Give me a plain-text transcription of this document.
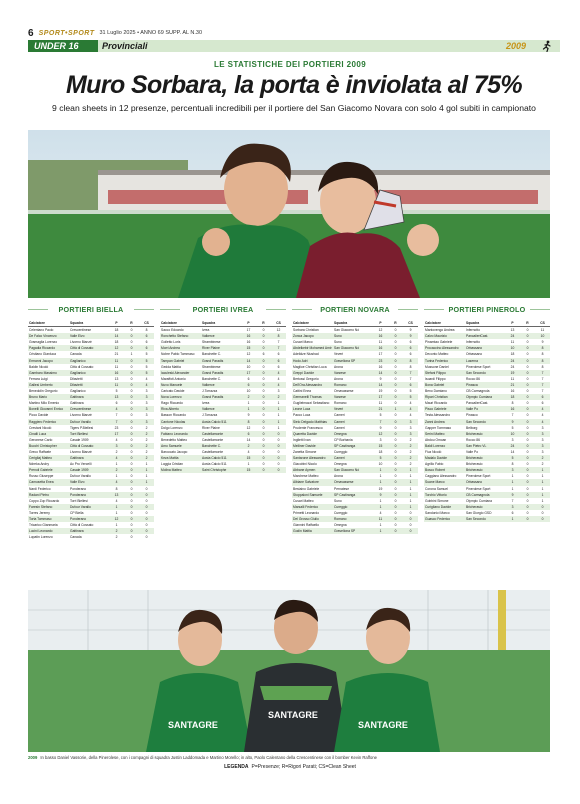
6 SPORT•SPORT 31 Luglio 2025 • ANNO 69 SUPP. AL N.30
UNDER 16	Provinciali	2009
LE STATISTICHE DEI PORTIERI 2009
Muro Sorbara, la porta è inviolata al 75%

9 clean sheets in 12 presenze, percentuali incredibili per il portiere del San Giacomo Novara con solo 4 gol subiti in campionato

PORTIERI BIELLA
Calciatore	Squadra	P	R	CS
Celentano Paolo	Crescentinese	18	0	8
De Falco Vincenzo	Valle Elvo	14	0	6
Gramaglia Lorenzo	Livorno Bianzè	18	0	6
Pagadia Riccardo	Città di Cossato	12	0	6
Cristiano Gianluca	Canada	21	1	5
Ermanni Jacopo	Gaglianico	11	0	5
Baldin Nicolò	Città di Cossato	11	0	5
Gambaro Massimo	Gaglianico	16	0	5
Ferrara Luigi	Dilavietti	13	0	4
Gallesi Umberto	Dilavietti	11	0	4
Benedolin Gregorio	Gaglianico	5	0	3
Bruno Mario	Gattinara	13	0	3
Martino Milo Emenio	Gattinara	6	0	3
Bonelli Giovanni Enrico	Crescentinese	4	0	3
Picco Davide	Livorno Bianzè	7	0	3
Raggiero Federico	Dufour Varallo	7	0	3
Crestani Nicolò	Tigers P.Biellesi	23	0	2
Cinalli Luca	Torri Biellesi	17	0	2
Geronese Carlo	Casale 1909	4	0	2
Bucchi Christopher	Città di Cossato	3	0	2
Greco Raffaele	Livorno Bianzè	2	0	2
Cerigliaj Matteo	Gattinara	4	0	2
Ndreka Andry	Ac Pro Vercelli	1	0	1
Prenoli Gabriele	Casale 1909	2	0	1
Russo Giuseppe	Dufour Varallo	1	0	1
Camusetta Enea	Valle Elvo	4	0	1
Nardi Federico	Ponderano	8	0	0
Radani Pietro	Ponderano	13	0	0
Coppo Zop Riccardo	Torri Biellesi	4	0	0
Faresin Stefano	Dufour Varallo	1	0	0
Torres Jeremy	CP Biella	1	0	0
Torta Tommaso	Ponderano	12	0	0
Tricarico Gianmaria	Città di Cossato	1	0	0
Lucini Leonardo	Gattinara	2	0	0
Lupatin Lorenzo	Canada	2	0	0
PORTIERI IVREA
Calciatore	Squadra	P	R	CS
Sacco Edoardo	Ivrea	17	0	12
Ronchetto Stefano	Valkerce	16	0	8
Goiletto Loris	Strambinese	16	0	7
Morri Andrea	River Plaine	15	0	7
Nobre Pablo Tommaso	Banchette C.	12	6	6
Tampan Gabriel	Grand Paradis	14	0	6
Gedda Mattia	Strambinese	10	0	6
Iaculeski Alexander	Grand Paradis	17	0	4
Maraffoti Antonio	Banchette C.	6	0	4
Nuvo Manuele	Valkerce	6	0	4
Caricato Davide	J.Torrazza	10	0	3
Nova Lorenzo	Grand Paradis	2	0	2
Rago Riccardo	Ivrea	1	0	1
Riva Alberto	Valkerce	1	0	1
Basson Riccardo	J.Torrazza	9	0	1
Cantone Nicolas	Aosta Calcio 511	8	0	1
Dolgo Lorenzo	River Plaine	12	0	1
Fabiano Leonardo	Castellamonte	6	0	0
Benedetto Matteo	Castellamonte	14	0	0
Amo Samuele	Banchette C.	2	0	0
Baroccato Jacopo	Castellamonte	4	0	0
Keza Mattia	Aosta Calcio 511	15	0	0
Loggia Cristian	Aosta Calcio 511	1	0	0
Molina Matteo	Saint Christophe	15	0	0
PORTIERI NOVARA
Calciatore	Squadra	P	R	CS
Sorbara Christian	San Giacomo Nó	12	0	9
Zonca Jacopo	Suno	16	0	9
Cusari Marco	Suno	11	0	6
Abdelkebir Mohamed Amir	San Giacomo Nó	16	0	6
Adelidze Niushad	Veveri	17	0	6
Hodo Adri	Gravellona SP	23	0	8
Maglioe Christian Luca	Arona	16	0	8
Greppi Davide	Varzese	14	0	7
Bertossi Gregorio	Arona	9	0	7
Dell'Ora Alessandro	Romano	14	0	6
Cattini Enea	Ornavassese	19	0	5
Germanelli Thomas	Varzese	17	0	5
Guglielmazzi Sebastiano	Romano	11	0	4
Leone Luca	Veveri	21	1	4
Pacco Luca	Cameri	5	0	4
Sielo Delgado Matthias	Cameri	7	0	3
Prudente Francesco	Cameri	9	0	3
Quaretta Davide	Omegna	12	0	3
Inglietti Ivan	CP Borbania	3	0	2
Meiliner Davide	SP Castiranga	15	0	2
Zanetta Simone	Cureggio	18	0	2
Santarone Alessandro	Cameri	5	0	2
Giacobini Nicolo	Omegna	10	0	2
Abbane Aymen	San Giacomo Nó	1	0	1
Marchese Matteo	Arona	1	0	1
Albiane Salvatore	Ornavassese	1	0	1
Bestaino Gabriele	Pernatese	19	0	1
Stoppaloni Samuele	SP Castiranga	9	0	1
Cusari Matteo	Suno	1	0	1
Marsalli Federico	Cureggio	1	0	1
Primetti Leonardo	Cureggio	4	0	0
Del Grosso Giulio	Romano	11	0	0
Giannini Raffaello	Omegna	1	0	0
Godin Mattia	Gravellona SP	1	0	0
PORTIERI PINEROLO
Calciatore	Squadra	P	R	CS
Mantovengo Andrea	Infernotto	13	0	11
Calvo Maurizio	PancalieriCast.	24	0	10
Pinamtao Gabriele	Infernotto	11	0	9
Procaccino Alessandro	Orbassano	10	0	8
Deconto Matteo	Orbassano	18	0	8
Turina Federico	Luserna	24	0	8
Mussone Daniel	Pinerolese Sport	24	0	8
Stefani Filippo	San Secondo	19	0	7
Isoardi Filippo	Rocco 86	11	0	7
Bona Gabriel	Pinasca	21	0	7
Beno Damiano	CB Carmagnola	16	0	7
Ripari Christian	Olympic Cumiana	18	0	6
Mauri Riccardo	PancalieriCast.	8	0	6
Pisco Gabriele	Valle Po	16	0	4
Testa Alessandro	Pinasco	7	0	4
Zanni Andrea	San Secondo	9	0	4
Gapper Tommaso	Belborg	5	0	3
Serini Matteo	Bricherasio	10	0	3
Abdou Omoan	Rocco 86	3	0	3
Baldi Lorenzo	San Pietro VL	24	0	3
Fiuz Nicolò	Valle Po	14	0	3
Madalo Davide	Bricherasio	5	0	2
Agrillo Fabio	Bricherasio	8	0	2
Bosco Robert	Bricherasio	3	0	1
Caggiano Alessandro	Pinerolese Sport	1	0	1
Suane Marco	Orbassano	1	0	1
Corona Samuel	Pinerolese Sport	1	0	1
Torchio Vittorio	CB Carmagnola	9	0	1
Gobbini Simone	Olympic Cumiana	7	0	1
Curigliano Davide	Bricherasio	3	0	0
Sandonici Marco	San Giorgio GSD	6	0	0
Guasco Federico	San Secondo	1	0	0
SANTAGRE
SANTAGRE
SANTAGRE
2009 In basso Daniel Vassorie, della Pinerolese, con i compagni di squadra Justin Laddomada e Martino Morello; in alto, Paolo Calentano della Crescentinese con il bomber Kevin Raffone
LEGENDA P=Presenze; R=Rigori Parati; CS=Clean Sheet
